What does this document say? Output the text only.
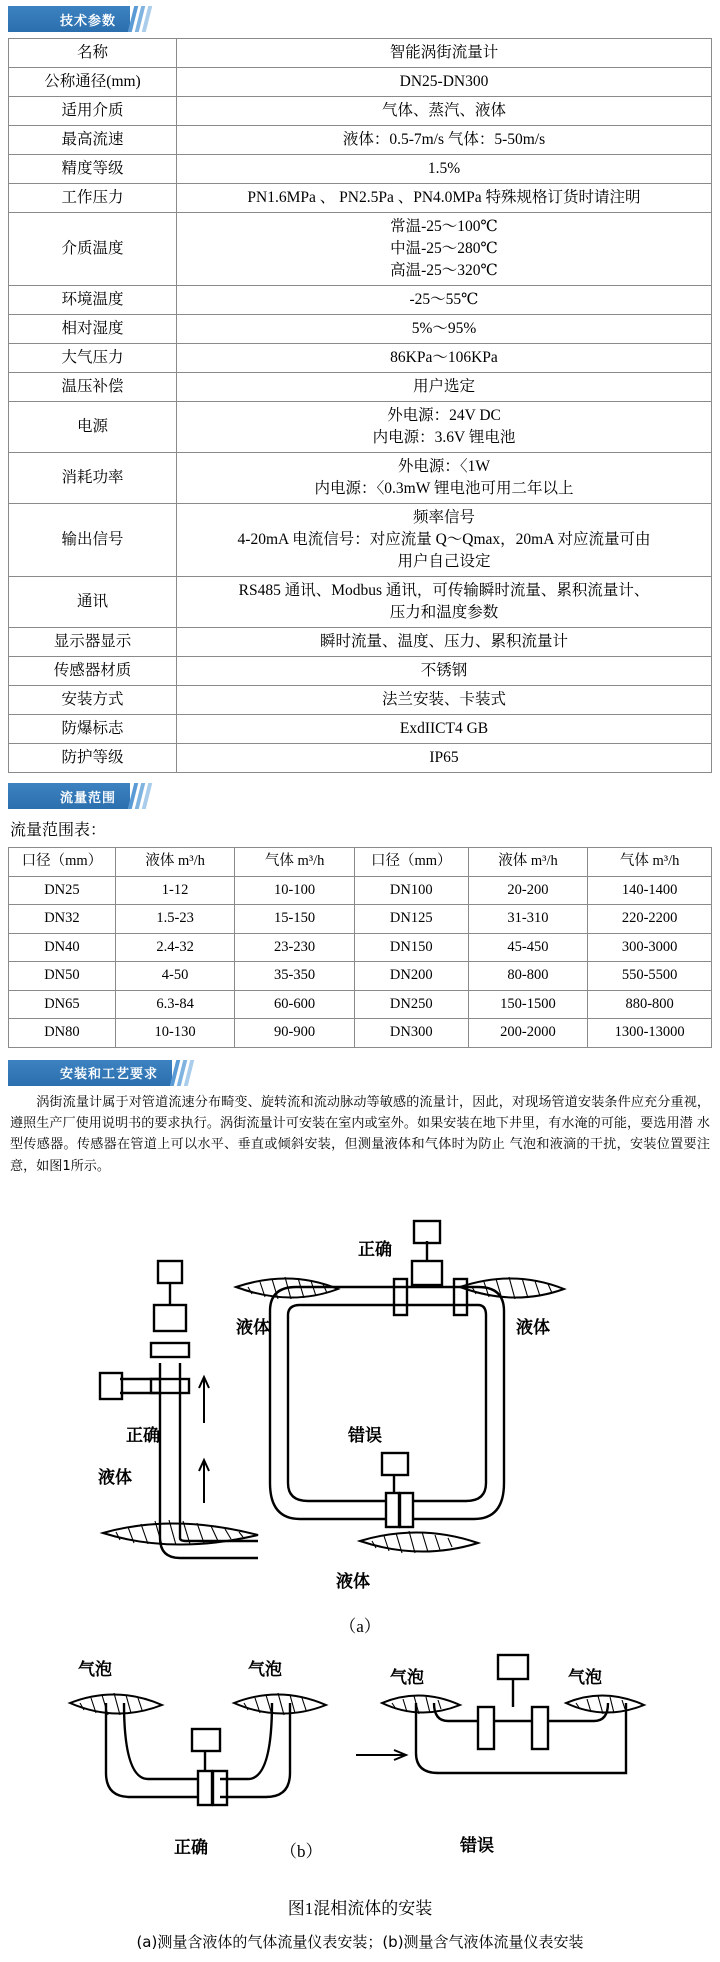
技术参数
名称	智能涡街流量计

公称通径(mm)	DN25-DN300

适用介质	气体、蒸汽、液体

最高流速	液体：0.5-7m/s 气体：5-50m/s

精度等级	1.5%

工作压力	PN1.6MPa 、 PN2.5Pa 、PN4.0MPa 特殊规格订货时请注明

介质温度	常温-25～100℃
中温-25～280℃
高温-25～320℃

环境温度	-25～55℃

相对湿度	5%～95%

大气压力	86KPa～106KPa

温压补偿	用户选定

电源	外电源：24V DC
内电源：3.6V 锂电池

消耗功率	外电源：〈1W
内电源：〈0.3mW 锂电池可用二年以上

输出信号	频率信号
4-20mA 电流信号：对应流量 Q～Qmax，20mA 对应流量可由
用户自己设定

通讯	RS485 通讯、Modbus 通讯，可传输瞬时流量、累积流量计、
压力和温度参数

显示器显示	瞬时流量、温度、压力、累积流量计

传感器材质	不锈钢

安装方式	法兰安装、卡装式

防爆标志	ExdIICT4 GB

防护等级	IP65
流量范围
流量范围表：
口径（mm）	液体 m³/h	气体 m³/h	口径（mm）	液体 m³/h	气体 m³/h
DN25	1-12	10-100	DN100	20-200	140-1400
DN32	1.5-23	15-150	DN125	31-310	220-2200
DN40	2.4-32	23-230	DN150	45-450	300-3000
DN50	4-50	35-350	DN200	80-800	550-5500
DN65	6.3-84	60-600	DN250	150-1500	880-800
DN80	10-130	90-900	DN300	200-2000	1300-13000
安装和工艺要求

涡街流量计属于对管道流速分布畸变、旋转流和流动脉动等敏感的流量计，因此，对现场管道安装条件应充分重视，遵照生产厂使用说明书的要求执行。涡街流量计可安装在室内或室外。如果安装在地下井里，有水淹的可能，要选用潜 水型传感器。传感器在管道上可以水平、垂直或倾斜安装，但测量液体和气体时为防止 气泡和液滴的干扰，安装位置要注意，如图1所示。

正确
液体
正确
液体	液体
错误
液体
（a）
气泡	气泡
正确
气泡	气泡
错误
（b）
图1混相流体的安装
(a)测量含液体的气体流量仪表安装；(b)测量含气液体流量仪表安装
